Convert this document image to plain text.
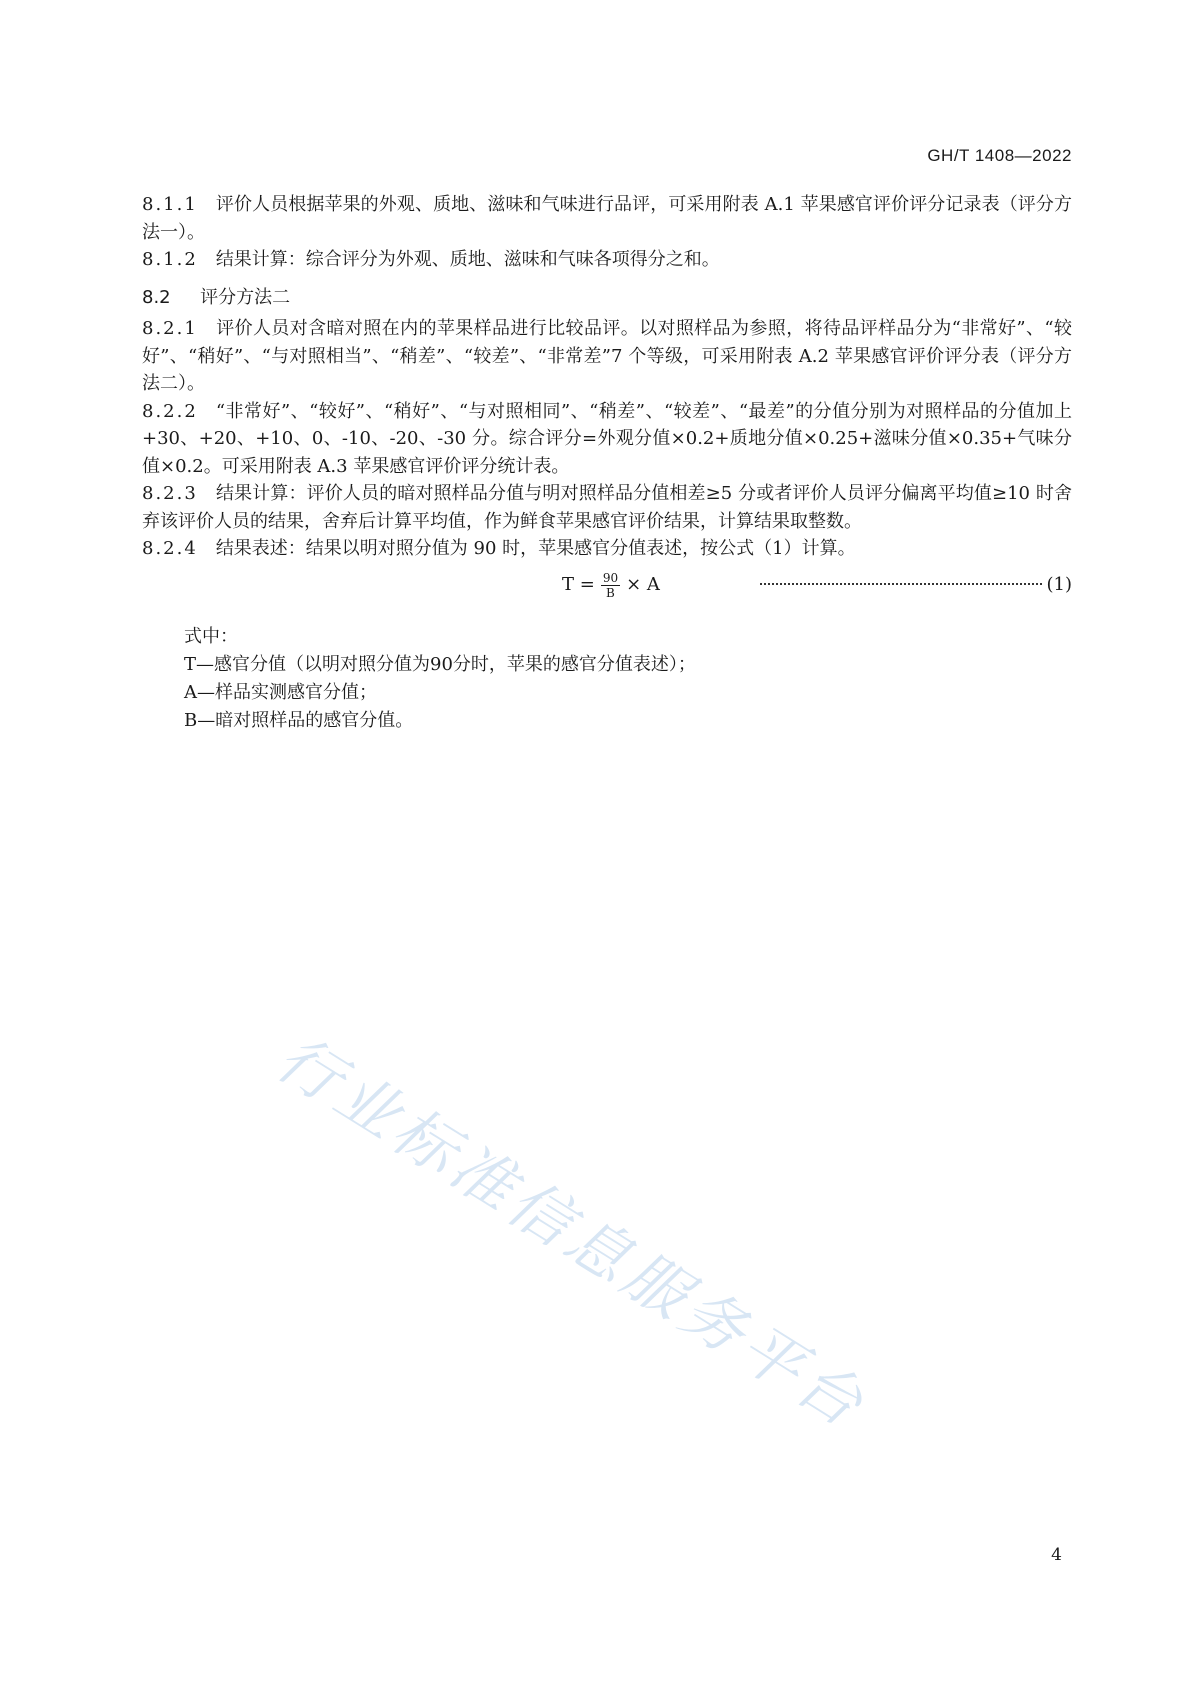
GH/T 1408—2022

8.1.1 评价人员根据苹果的外观、质地、滋味和气味进行品评，可采用附表 A.1 苹果感官评价评分记录表（评分方法一）。

8.1.2 结果计算：综合评分为外观、质地、滋味和气味各项得分之和。

8.2 评分方法二

8.2.1 评价人员对含暗对照在内的苹果样品进行比较品评。以对照样品为参照，将待品评样品分为“非常好”、“较好”、“稍好”、“与对照相当”、“稍差”、“较差”、“非常差”7 个等级，可采用附表 A.2 苹果感官评价评分表（评分方法二）。

8.2.2 “非常好”、“较好”、“稍好”、“与对照相同”、“稍差”、“较差”、“最差”的分值分别为对照样品的分值加上+30、+20、+10、0、-10、-20、-30 分。综合评分=外观分值×0.2+质地分值×0.25+滋味分值×0.35+气味分值×0.2。可采用附表 A.3 苹果感官评价评分统计表。

8.2.3 结果计算：评价人员的暗对照样品分值与明对照样品分值相差≥5 分或者评价人员评分偏离平均值≥10 时舍弃该评价人员的结果，舍弃后计算平均值，作为鲜食苹果感官评价结果，计算结果取整数。

8.2.4 结果表述：结果以明对照分值为 90 时，苹果感官分值表述，按公式（1）计算。

$T = \frac{90}{B} \times A$	(1)

式中：

T—感官分值（以明对照分值为90分时，苹果的感官分值表述）；

A—样品实测感官分值；

B—暗对照样品的感官分值。

行业标准信息服务平台
4
